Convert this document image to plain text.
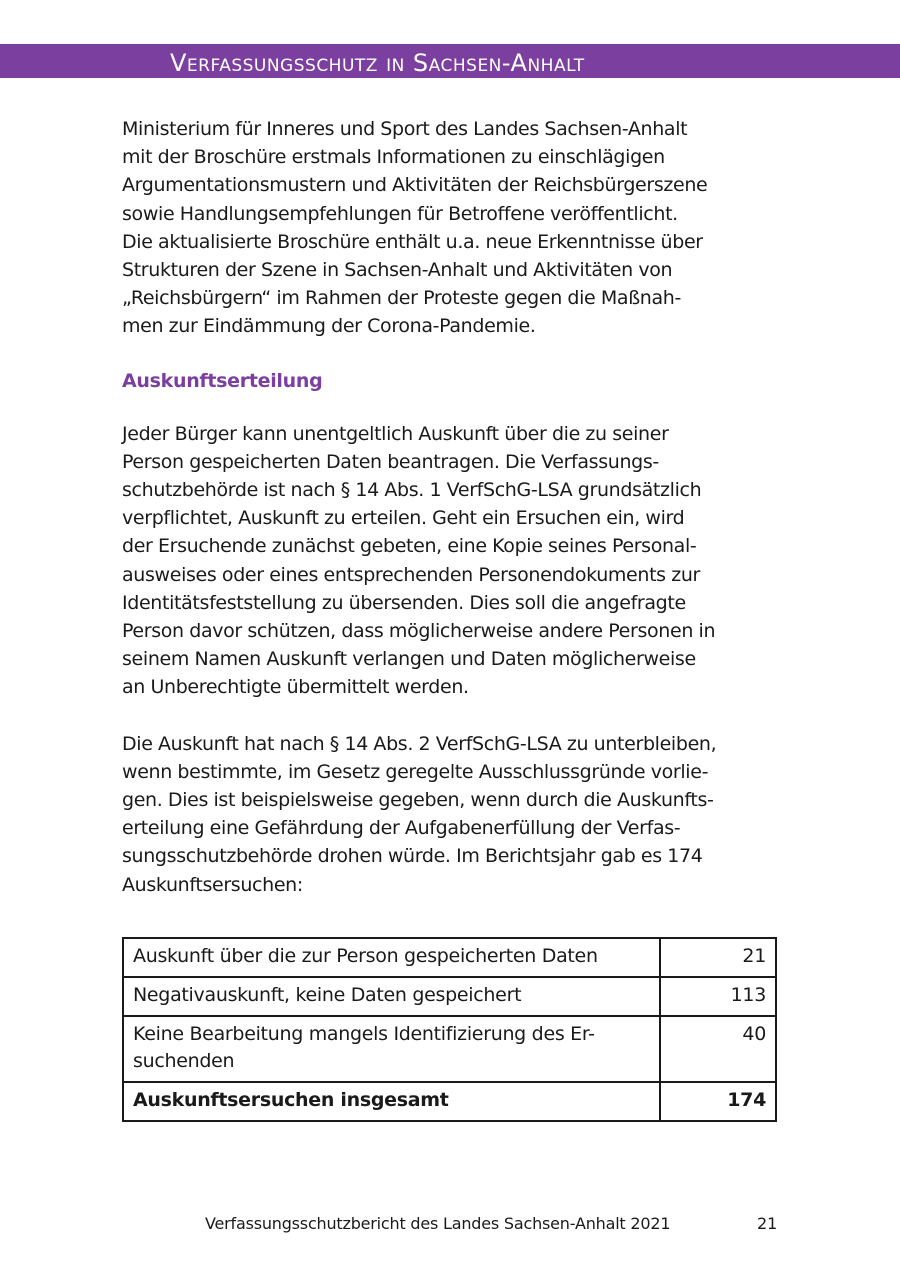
Verfassungsschutz in Sachsen-Anhalt

Ministerium für Inneres und Sport des Landes Sachsen-Anhalt
mit der Broschüre erstmals Informationen zu einschlägigen
Argumentationsmustern und Aktivitäten der Reichsbürgerszene
sowie Handlungsempfehlungen für Betroffene veröffentlicht.
Die aktualisierte Broschüre enthält u.a. neue Erkenntnisse über
Strukturen der Szene in Sachsen-Anhalt und Aktivitäten von
„Reichsbürgern“ im Rahmen der Proteste gegen die Maßnah-
men zur Eindämmung der Corona-Pandemie.

Auskunftserteilung

Jeder Bürger kann unentgeltlich Auskunft über die zu seiner
Person gespeicherten Daten beantragen. Die Verfassungs-
schutzbehörde ist nach § 14 Abs. 1 VerfSchG-LSA grundsätzlich
verpflichtet, Auskunft zu erteilen. Geht ein Ersuchen ein, wird
der Ersuchende zunächst gebeten, eine Kopie seines Personal-
ausweises oder eines entsprechenden Personendokuments zur
Identitätsfeststellung zu übersenden. Dies soll die angefragte
Person davor schützen, dass möglicherweise andere Personen in
seinem Namen Auskunft verlangen und Daten möglicherweise
an Unberechtigte übermittelt werden.

Die Auskunft hat nach § 14 Abs. 2 VerfSchG-LSA zu unterbleiben,
wenn bestimmte, im Gesetz geregelte Ausschlussgründe vorlie-
gen. Dies ist beispielsweise gegeben, wenn durch die Auskunfts-
erteilung eine Gefährdung der Aufgabenerfüllung der Verfas-
sungsschutzbehörde drohen würde. Im Berichtsjahr gab es 174
Auskunftsersuchen:

Auskunft über die zur Person gespeicherten Daten	21
Negativauskunft, keine Daten gespeichert	113
Keine Bearbeitung mangels Identifizierung des Er-
suchenden	40
Auskunftsersuchen insgesamt	174
Verfassungsschutzbericht des Landes Sachsen-Anhalt 2021	21
